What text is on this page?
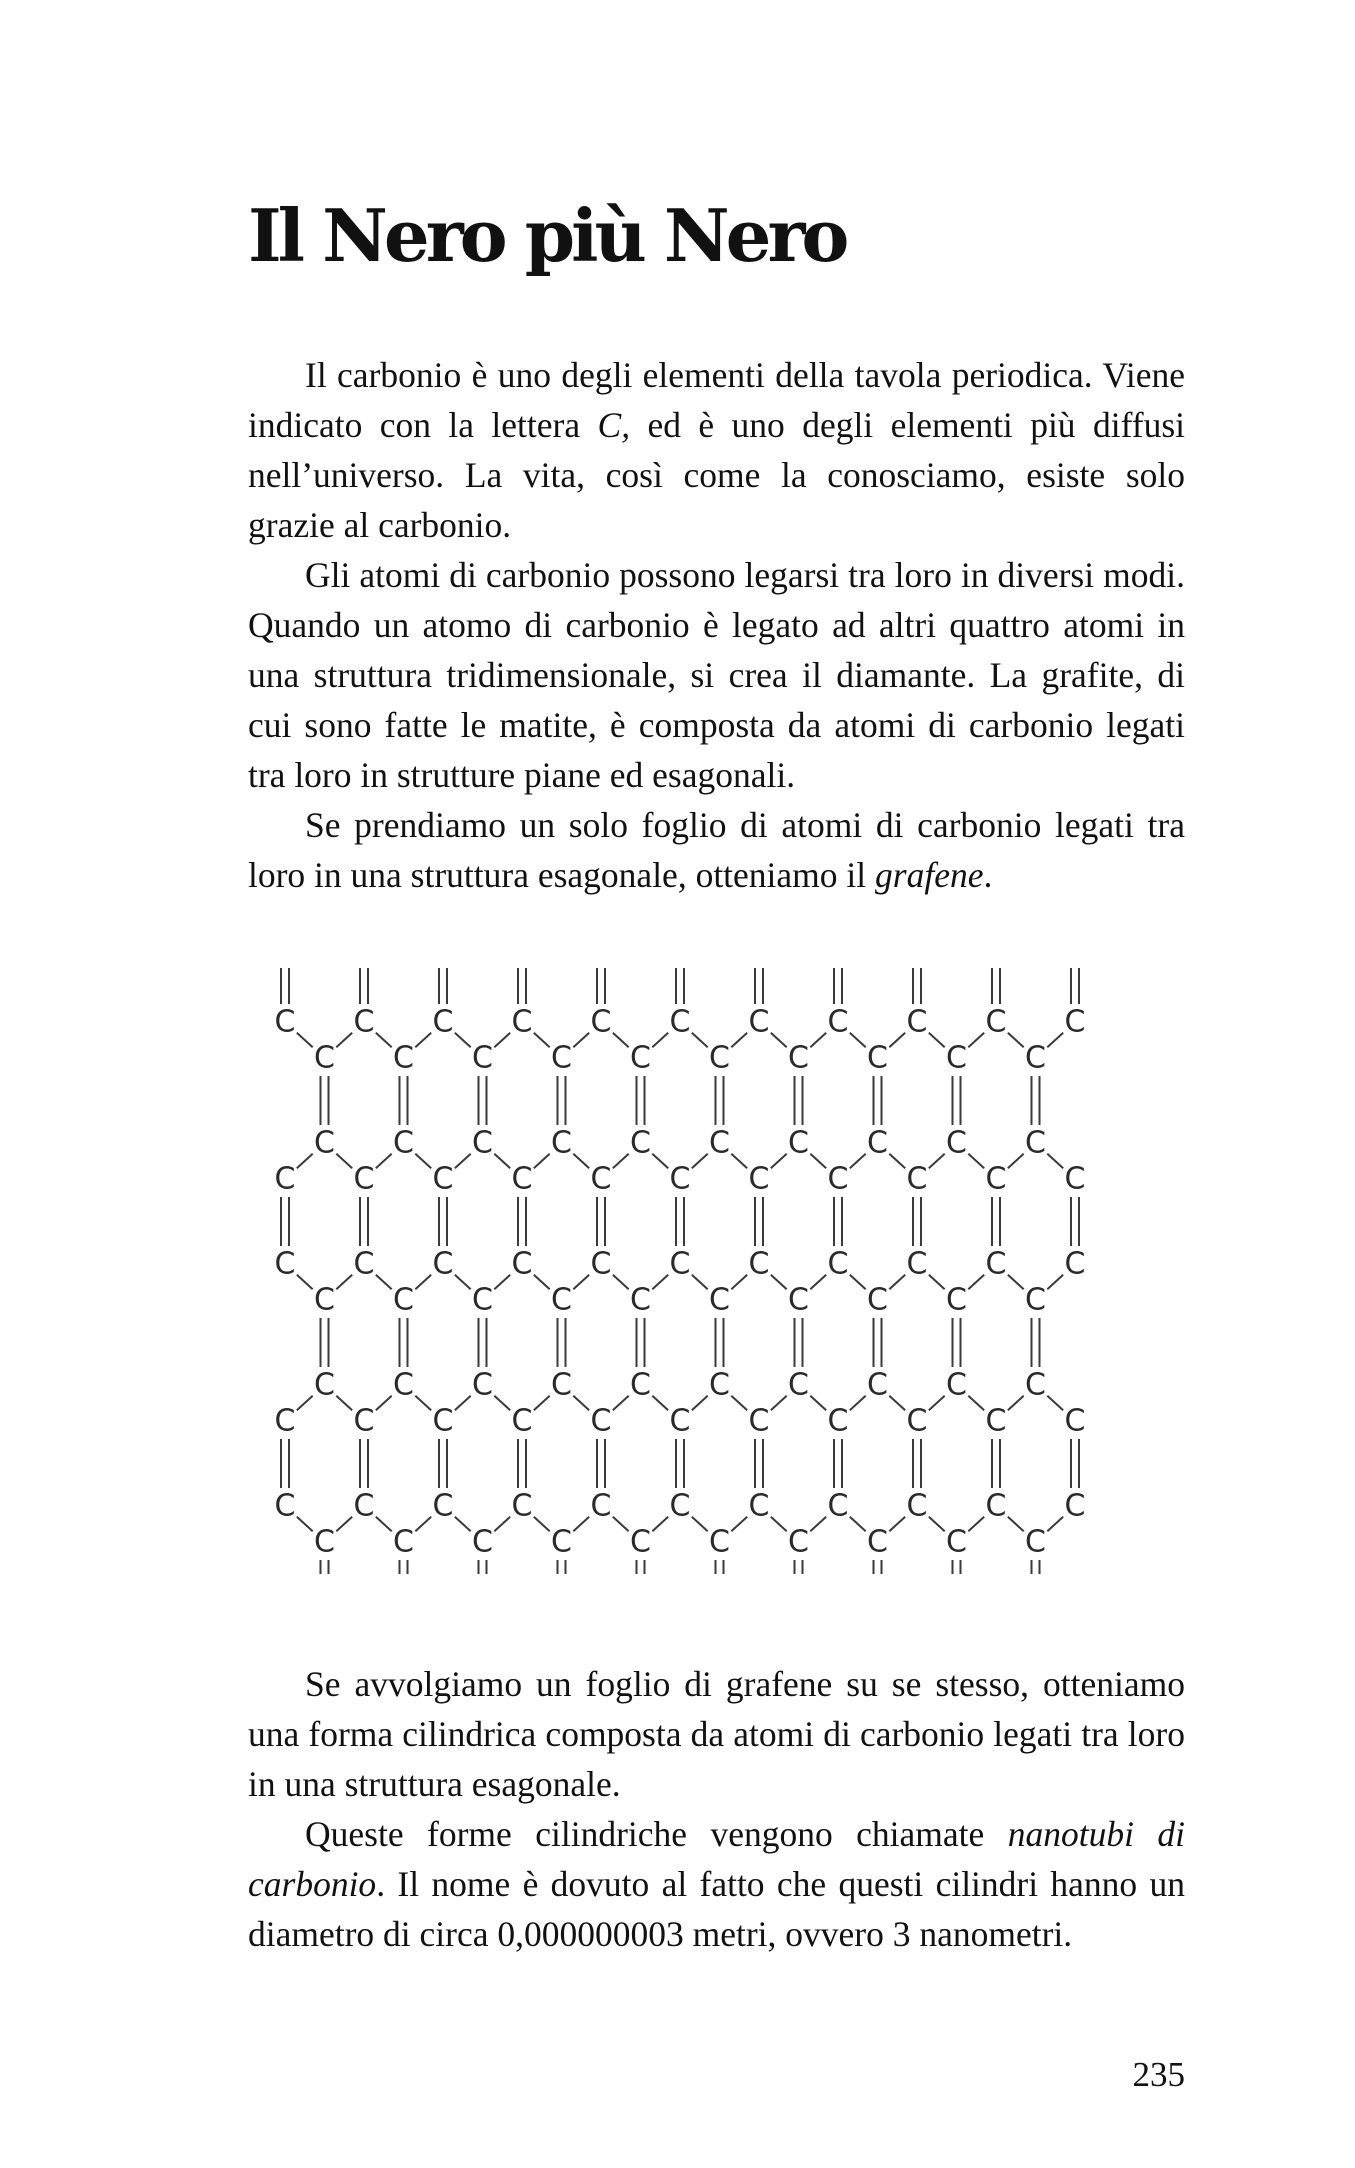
Il Nero più Nero

Il carbonio è uno degli elementi della tavola periodica. Viene indicato con la lettera C, ed è uno degli elementi più diffusi nell’universo. La vita, così come la conosciamo, esiste solo grazie al carbonio.

Gli atomi di carbonio possono legarsi tra loro in diversi modi. Quando un atomo di carbonio è legato ad altri quattro atomi in una struttura tridimensionale, si crea il diamante. La grafite, di cui sono fatte le matite, è composta da atomi di carbonio legati tra loro in strutture piane ed esagonali.

Se prendiamo un solo foglio di atomi di carbonio legati tra loro in una struttura esagonale, otteniamo il grafene.

C C C C C C C C C C C
C C C C C C C C C C
C C C C C C C C C C
C C C C C C C C C C C
C C C C C C C C C C C
C C C C C C C C C C
C C C C C C C C C C
C C C C C C C C C C C
C C C C C C C C C C C
C C C C C C C C C C

Se avvolgiamo un foglio di grafene su se stesso, otteniamo una forma cilindrica composta da atomi di carbonio legati tra loro in una struttura esagonale.

Queste forme cilindriche vengono chiamate nanotubi di carbonio. Il nome è dovuto al fatto che questi cilindri hanno un diametro di circa 0,000000003 metri, ovvero 3 nanometri.

235
